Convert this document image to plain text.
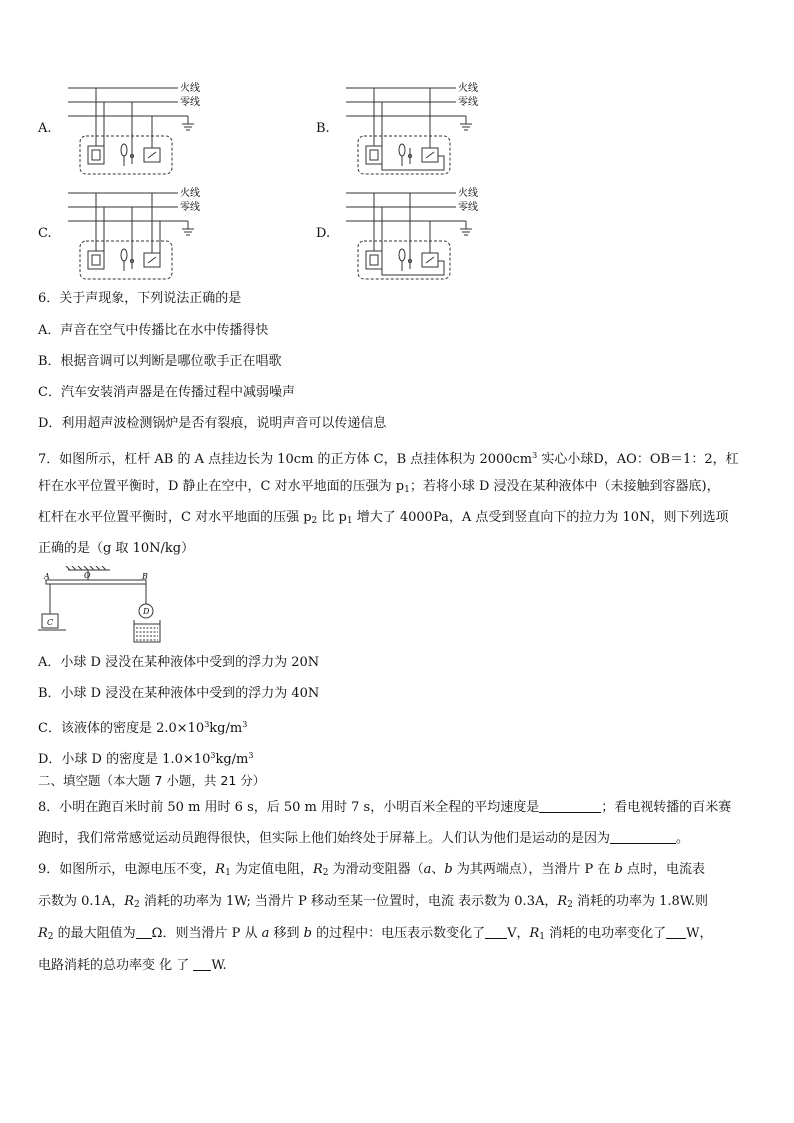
A.
火线
零线
B.
火线
零线
C.
火线
零线
D.
火线
零线
6．关于声现象，下列说法正确的是
A．声音在空气中传播比在水中传播得快
B．根据音调可以判断是哪位歌手正在唱歌
C．汽车安装消声器是在传播过程中减弱噪声
D．利用超声波检测锅炉是否有裂痕，说明声音可以传递信息
7．如图所示，杠杆 AB 的 A 点挂边长为 10cm 的正方体 C，B 点挂体积为 $2000cm^3$ 实心小球D，AO：OB＝1：2，杠
杆在水平位置平衡时，D 静止在空中，C 对水平地面的压强为 $p_1$；若将小球 D 浸没在某种液体中（未接触到容器底)，
杠杆在水平位置平衡时，C 对水平地面的压强 $p_2$ 比 $p_1$ 增大了 4000Pa，A 点受到竖直向下的拉力为 10N，则下列选项
正确的是（g 取 10N/kg）
A	O	B
C
D
A．小球 D 浸没在某种液体中受到的浮力为 20N
B．小球 D 浸没在某种液体中受到的浮力为 40N
C．该液体的密度是 $2.0\times 10^3kg/m^3$
D．小球 D 的密度是 $1.0\times 10^3kg/m^3$
二、填空题（本大题 7 小题，共 21 分）
8．小明在跑百米时前 50 m 用时 6 s，后 50 m 用时 7 s，小明百米全程的平均速度是	；看电视转播的百米赛
跑时，我们常常感觉运动员跑得很快，但实际上他们始终处于屏幕上。人们认为他们是运动的是因为	。
9．如图所示，电源电压不变，$R_1$ 为定值电阻，$R_2$ 为滑动变阻器（a、b 为其两端点），当滑片 P 在 b 点时，电流表
示数为 0.1A，$R_2$ 消耗的功率为 1W; 当滑片 P 移动至某一位置时，电流 表示数为 0.3A，$R_2$ 消耗的功率为 1.8W.则
$R_2$ 的最大阻值为 Ω．则当滑片 P 从 a 移到 b 的过程中：电压表示数变化了 V，$R_1$ 消耗的电功率变化了 W，
电路消耗的总功率变 化 了 W.
